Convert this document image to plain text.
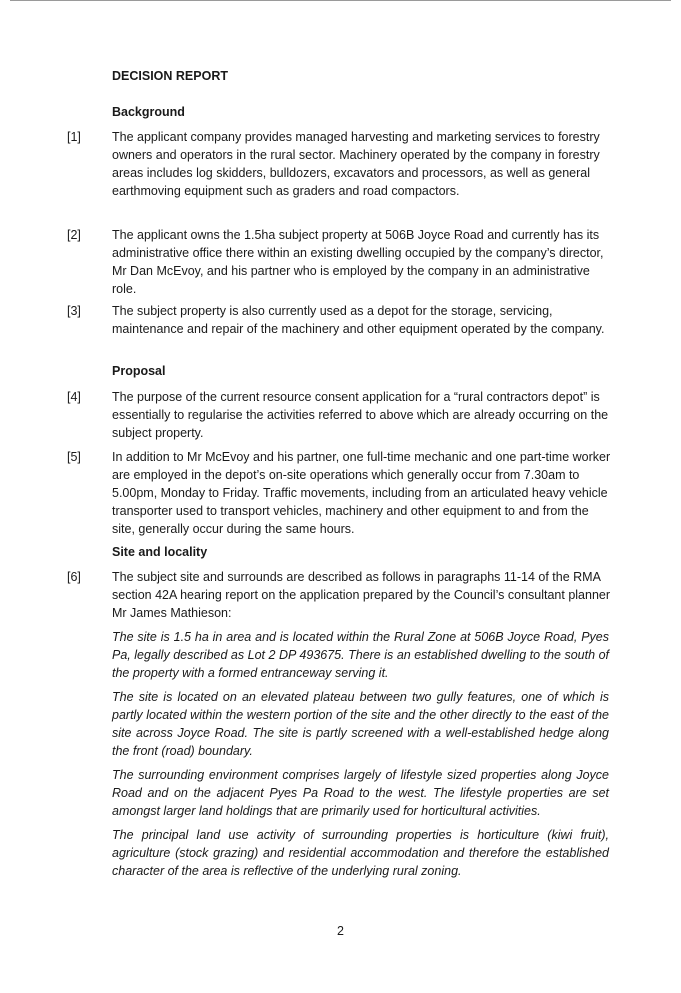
DECISION REPORT
Background
[1] The applicant company provides managed harvesting and marketing services to forestry owners and operators in the rural sector. Machinery operated by the company in forestry areas includes log skidders, bulldozers, excavators and processors, as well as general earthmoving equipment such as graders and road compactors.
[2] The applicant owns the 1.5ha subject property at 506B Joyce Road and currently has its administrative office there within an existing dwelling occupied by the company’s director, Mr Dan McEvoy, and his partner who is employed by the company in an administrative role.
[3] The subject property is also currently used as a depot for the storage, servicing, maintenance and repair of the machinery and other equipment operated by the company.
Proposal
[4] The purpose of the current resource consent application for a “rural contractors depot” is essentially to regularise the activities referred to above which are already occurring on the subject property.
[5] In addition to Mr McEvoy and his partner, one full-time mechanic and one part-time worker are employed in the depot’s on-site operations which generally occur from 7.30am to 5.00pm, Monday to Friday. Traffic movements, including from an articulated heavy vehicle transporter used to transport vehicles, machinery and other equipment to and from the site, generally occur during the same hours.
Site and locality
[6] The subject site and surrounds are described as follows in paragraphs 11-14 of the RMA section 42A hearing report on the application prepared by the Council’s consultant planner Mr James Mathieson:
The site is 1.5 ha in area and is located within the Rural Zone at 506B Joyce Road, Pyes Pa, legally described as Lot 2 DP 493675. There is an established dwelling to the south of the property with a formed entranceway serving it.
The site is located on an elevated plateau between two gully features, one of which is partly located within the western portion of the site and the other directly to the east of the site across Joyce Road. The site is partly screened with a well-established hedge along the front (road) boundary.
The surrounding environment comprises largely of lifestyle sized properties along Joyce Road and on the adjacent Pyes Pa Road to the west. The lifestyle properties are set amongst larger land holdings that are primarily used for horticultural activities.
The principal land use activity of surrounding properties is horticulture (kiwi fruit), agriculture (stock grazing) and residential accommodation and therefore the established character of the area is reflective of the underlying rural zoning.
2
